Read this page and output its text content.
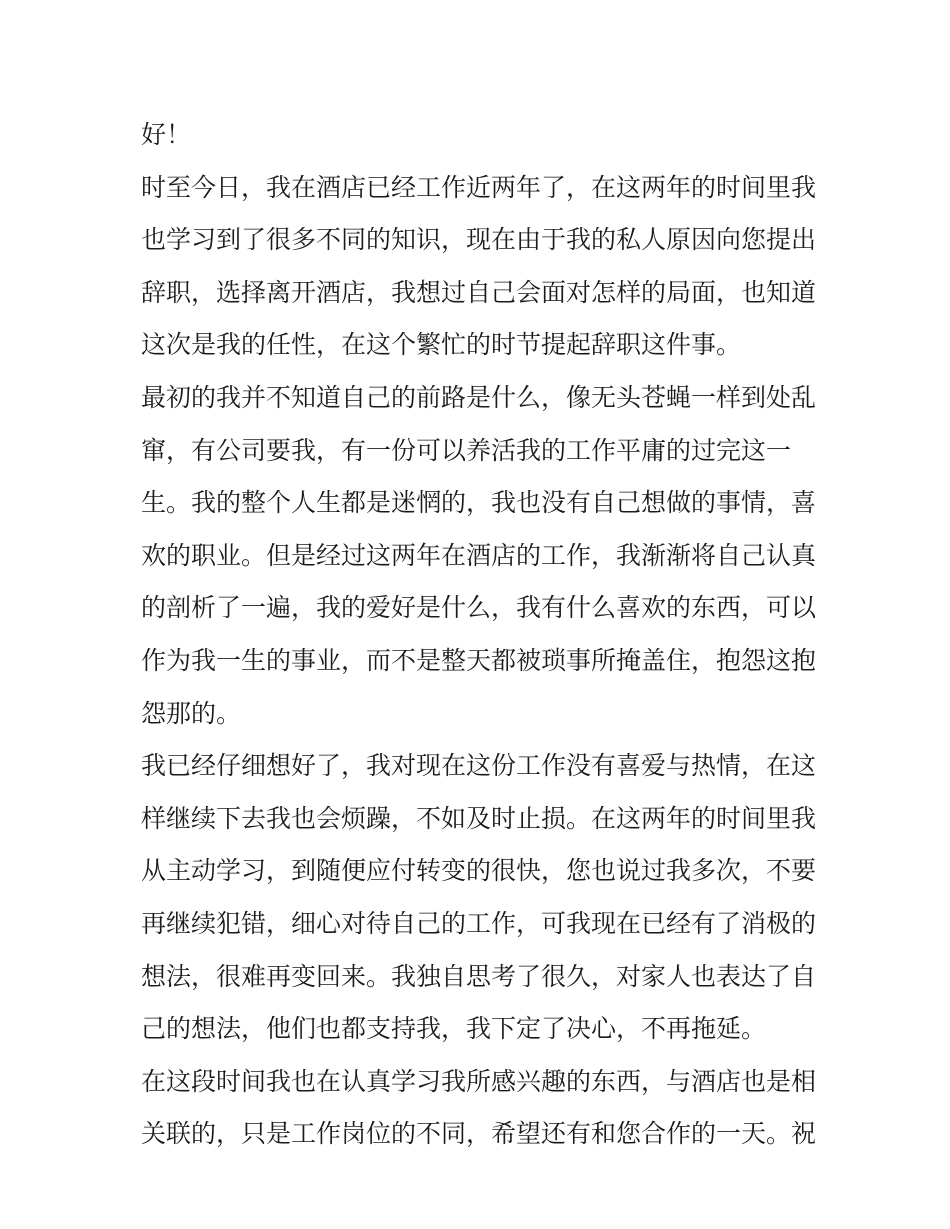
好！
时至今日，我在酒店已经工作近两年了，在这两年的时间里我
也学习到了很多不同的知识，现在由于我的私人原因向您提出
辞职，选择离开酒店，我想过自己会面对怎样的局面，也知道
这次是我的任性，在这个繁忙的时节提起辞职这件事。
最初的我并不知道自己的前路是什么，像无头苍蝇一样到处乱
窜，有公司要我，有一份可以养活我的工作平庸的过完这一
生。我的整个人生都是迷惘的，我也没有自己想做的事情，喜
欢的职业。但是经过这两年在酒店的工作，我渐渐将自己认真
的剖析了一遍，我的爱好是什么，我有什么喜欢的东西，可以
作为我一生的事业，而不是整天都被琐事所掩盖住，抱怨这抱
怨那的。
我已经仔细想好了，我对现在这份工作没有喜爱与热情，在这
样继续下去我也会烦躁，不如及时止损。在这两年的时间里我
从主动学习，到随便应付转变的很快，您也说过我多次，不要
再继续犯错，细心对待自己的工作，可我现在已经有了消极的
想法，很难再变回来。我独自思考了很久，对家人也表达了自
己的想法，他们也都支持我，我下定了决心，不再拖延。
在这段时间我也在认真学习我所感兴趣的东西，与酒店也是相
关联的，只是工作岗位的不同，希望还有和您合作的一天。祝
